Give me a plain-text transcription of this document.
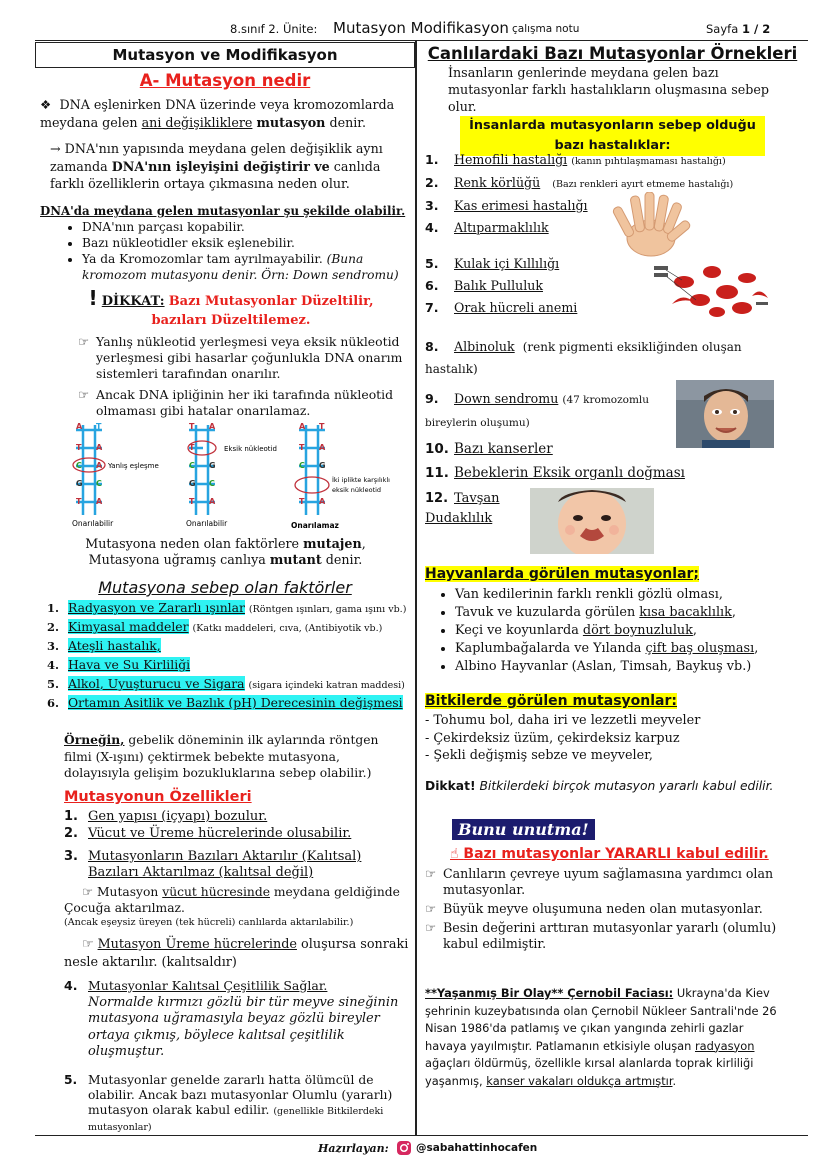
8.sınıf 2. Ünite: Mutasyon Modifikasyon çalışma notu	Sayfa 1 / 2
Mutasyon ve Modifikasyon
A- Mutasyon nedir
❖ DNA eşlenirken DNA üzerinde veya kromozomlarda meydana gelen ani değişikliklere mutasyon denir.
→ DNA'nın yapısında meydana gelen değişiklik aynı zamanda DNA'nın işleyişini değiştirir ve canlıda farklı özelliklerin ortaya çıkmasına neden olur.
DNA'da meydana gelen mutasyonlar şu şekilde olabilir.
• DNA'nın parçası kopabilir.
• Bazı nükleotidler eksik eşlenebilir.
• Ya da Kromozomlar tam ayrılmayabilir. (Buna kromozom mutasyonu denir. Örn: Down sendromu)
! DİKKAT: Bazı Mutasyonlar Düzeltilir, bazıları Düzeltilemez.
☞ Yanlış nükleotid yerleşmesi veya eksik nükleotid yerleşmesi gibi hasarlar çoğunlukla DNA onarım sistemleri tarafından onarılır.
☞ Ancak DNA ipliğinin her iki tarafında nükleotid olmaması gibi hatalar onarılamaz.
A T
T A
C A
G C
T A
Yanlış eşleşme
Onarılabilir
T A
T
C G
G C
T A
Eksik nükleotid
Onarılabilir
A T
T A
C G
T A
İki iplikte karşılıklı
eksik nükleotid
Onarılamaz
Mutasyona neden olan faktörlere mutajen, Mutasyona uğramış canlıya mutant denir.
Mutasyona sebep olan faktörler
1. Radyasyon ve Zararlı ışınlar (Röntgen ışınları, gama ışını vb.)
2. Kimyasal maddeler (Katkı maddeleri, cıva, (Antibiyotik vb.)
3. Ateşli hastalık,
4. Hava ve Su Kirliliği
5. Alkol, Uyuşturucu ve Sigara (sigara içindeki katran maddesi)
6. Ortamın Asitlik ve Bazlık (pH) Derecesinin değişmesi
Örneğin, gebelik döneminin ilk aylarında röntgen filmi (X-ışını) çektirmek bebekte mutasyona, dolayısıyla gelişim bozukluklarına sebep olabilir.)
Mutasyonun Özellikleri
1. Gen yapısı (içyapı) bozulur.
2. Vücut ve Üreme hücrelerinde olusabilir.
3. Mutasyonların Bazıları Aktarılır (Kalıtsal) Bazıları Aktarılmaz (kalıtsal değil)
☞ Mutasyon vücut hücresinde meydana geldiğinde Çocuğa aktarılmaz.
(Ancak eşeysiz üreyen (tek hücreli) canlılarda aktarılabilir.)
☞ Mutasyon Üreme hücrelerinde oluşursa sonraki nesle aktarılır. (kalıtsaldır)
4. Mutasyonlar Kalıtsal Çeşitlilik Sağlar.
Normalde kırmızı gözlü bir tür meyve sineğinin mutasyona uğramasıyla beyaz gözlü bireyler ortaya çıkmış, böylece kalıtsal çeşitlilik oluşmuştur.
5. Mutasyonlar genelde zararlı hatta ölümcül de olabilir. Ancak bazı mutasyonlar Olumlu (yararlı) mutasyon olarak kabul edilir. (genellikle Bitkilerdeki mutasyonlar)
Canlılardaki Bazı Mutasyonlar Örnekleri
İnsanların genlerinde meydana gelen bazı mutasyonlar farklı hastalıkların oluşmasına sebep olur.
İnsanlarda mutasyonların sebep olduğu bazı hastalıklar:
1. Hemofili hastalığı (kanın pıhtılaşmaması hastalığı)
2. Renk körlüğü (Bazı renkleri ayırt etmeme hastalığı)
3. Kas erimesi hastalığı
4. Altıparmaklılık
5. Kulak içi Kıllılığı
6. Balık Pulluluk
7. Orak hücreli anemi
8. Albinoluk (renk pigmenti eksikliğinden oluşan hastalık)
9. Down sendromu (47 kromozomlu bireylerin oluşumu)
10. Bazı kanserler
11. Bebeklerin Eksik organlı doğması
12. Tavşan Dudaklılık
Hayvanlarda görülen mutasyonlar;
• Van kedilerinin farklı renkli gözlü olması,
• Tavuk ve kuzularda görülen kısa bacaklılık,
• Keçi ve koyunlarda dört boynuzluluk,
• Kaplumbağalarda ve Yılanda çift baş oluşması,
• Albino Hayvanlar (Aslan, Timsah, Baykuş vb.)
Bitkilerde görülen mutasyonlar:
- Tohumu bol, daha iri ve lezzetli meyveler
- Çekirdeksiz üzüm, çekirdeksiz karpuz
- Şekli değişmiş sebze ve meyveler,
Dikkat! Bitkilerdeki birçok mutasyon yararlı kabul edilir.
Bunu unutma!
☝ Bazı mutasyonlar YARARLI kabul edilir.
☞ Canlıların çevreye uyum sağlamasına yardımcı olan mutasyonlar.
☞ Büyük meyve oluşumuna neden olan mutasyonlar.
☞ Besin değerini arttıran mutasyonlar yararlı (olumlu) kabul edilmiştir.
**Yaşanmış Bir Olay** Çernobil Faciası: Ukrayna'da Kiev şehrinin kuzeybatısında olan Çernobil Nükleer Santrali'nde 26 Nisan 1986'da patlamış ve çıkan yangında zehirli gazlar havaya yayılmıştır. Patlamanın etkisiyle oluşan radyasyon ağaçları öldürmüş, özellikle kırsal alanlarda toprak kirliliği yaşanmış, kanser vakaları oldukça artmıştır.
Hazırlayan:	@sabahattinhocafen
